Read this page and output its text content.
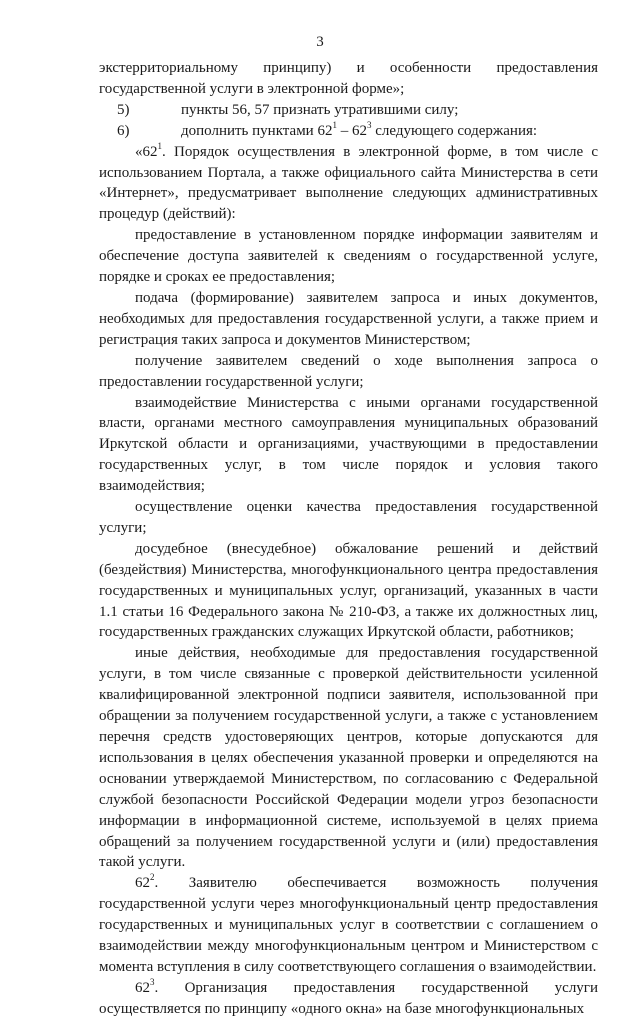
3

экстерриториальному принципу) и особенности предоставления государственной услуги в электронной форме»;

5)	пункты 56, 57 признать утратившими силу;

6)	дополнить пунктами $62^1 - 62^3$ следующего содержания:

«$62^1$. Порядок осуществления в электронной форме, в том числе с использованием Портала, а также официального сайта Министерства в сети «Интернет», предусматривает выполнение следующих административных процедур (действий):

предоставление в установленном порядке информации заявителям и обеспечение доступа заявителей к сведениям о государственной услуге, порядке и сроках ее предоставления;

подача (формирование) заявителем запроса и иных документов, необходимых для предоставления государственной услуги, а также прием и регистрация таких запроса и документов Министерством;

получение заявителем сведений о ходе выполнения запроса о предоставлении государственной услуги;

взаимодействие Министерства с иными органами государственной власти, органами местного самоуправления муниципальных образований Иркутской области и организациями, участвующими в предоставлении государственных услуг, в том числе порядок и условия такого взаимодействия;

осуществление оценки качества предоставления государственной услуги;

досудебное (внесудебное) обжалование решений и действий (бездействия) Министерства, многофункционального центра предоставления государственных и муниципальных услуг, организаций, указанных в части 1.1 статьи 16 Федерального закона № 210-ФЗ, а также их должностных лиц, государственных гражданских служащих Иркутской области, работников;

иные действия, необходимые для предоставления государственной услуги, в том числе связанные с проверкой действительности усиленной квалифицированной электронной подписи заявителя, использованной при обращении за получением государственной услуги, а также с установлением перечня средств удостоверяющих центров, которые допускаются для использования в целях обеспечения указанной проверки и определяются на основании утверждаемой Министерством, по согласованию с Федеральной службой безопасности Российской Федерации модели угроз безопасности информации в информационной системе, используемой в целях приема обращений за получением государственной услуги и (или) предоставления такой услуги.

$62^2$. Заявителю обеспечивается возможность получения государственной услуги через многофункциональный центр предоставления государственных и муниципальных услуг в соответствии с соглашением о взаимодействии между многофункциональным центром и Министерством с момента вступления в силу соответствующего соглашения о взаимодействии.

$62^3$. Организация предоставления государственной услуги осуществляется по принципу «одного окна» на базе многофункциональных
